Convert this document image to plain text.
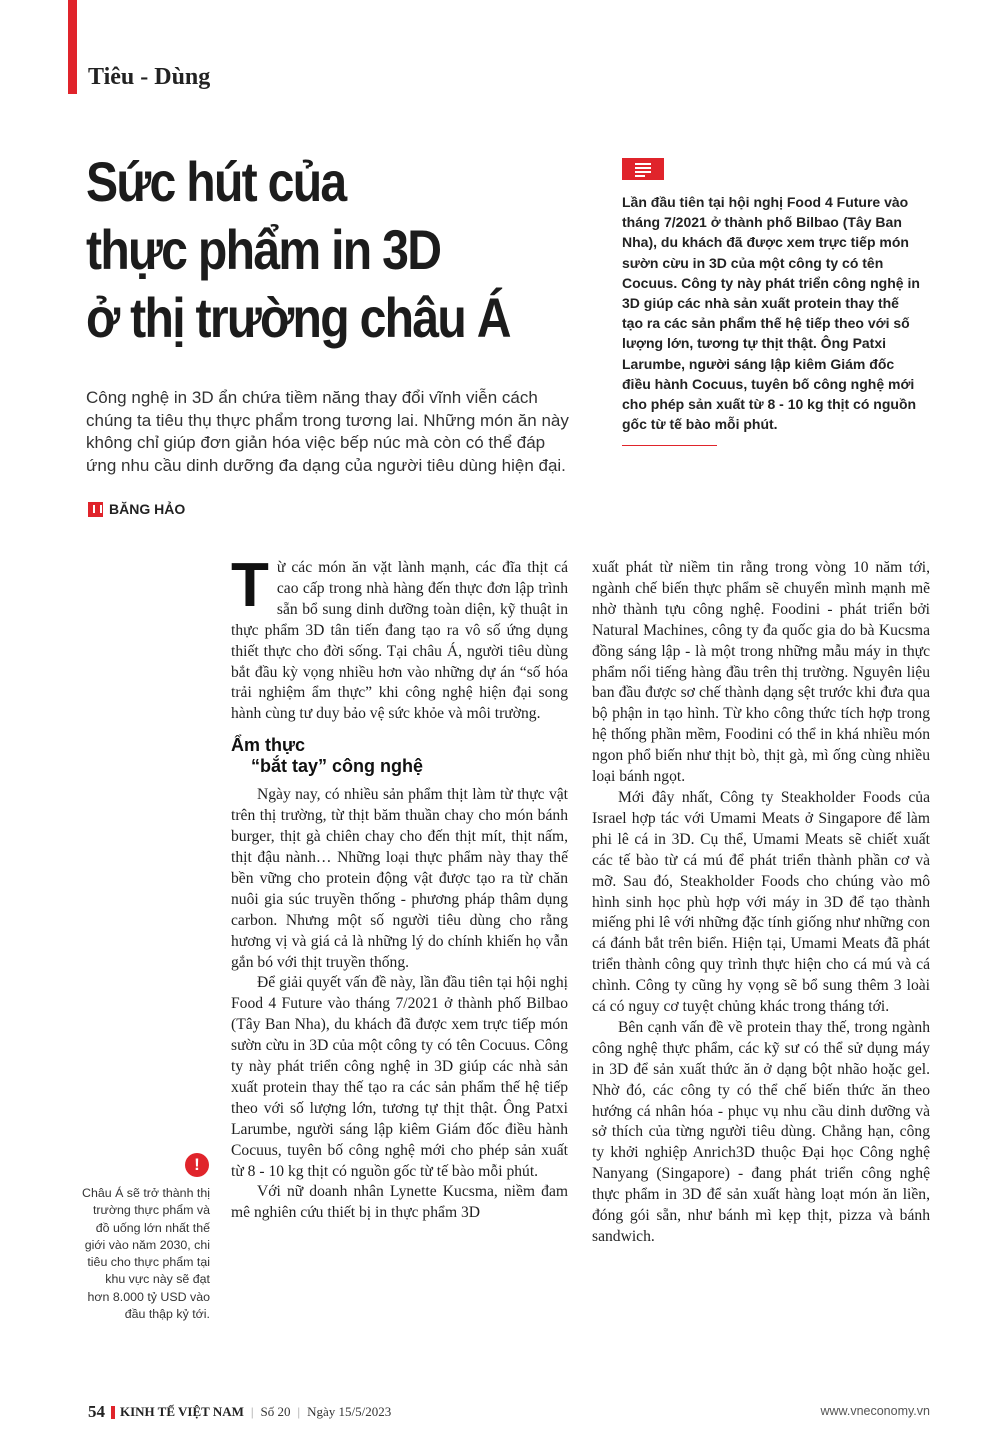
Tiêu - Dùng
Sức hút của
thực phẩm in 3D
ở thị trường châu Á

Công nghệ in 3D ẩn chứa tiềm năng thay đổi vĩnh viễn cách chúng ta tiêu thụ thực phẩm trong tương lai. Những món ăn này không chỉ giúp đơn giản hóa việc bếp núc mà còn có thể đáp ứng nhu cầu dinh dưỡng đa dạng của người tiêu dùng hiện đại.

BĂNG HẢO

Lần đầu tiên tại hội nghị Food 4 Future vào tháng 7/2021 ở thành phố Bilbao (Tây Ban Nha), du khách đã được xem trực tiếp món sườn cừu in 3D của một công ty có tên Cocuus. Công ty này phát triển công nghệ in 3D giúp các nhà sản xuất protein thay thế tạo ra các sản phẩm thế hệ tiếp theo với số lượng lớn, tương tự thịt thật. Ông Patxi Larumbe, người sáng lập kiêm Giám đốc điều hành Cocuus, tuyên bố công nghệ mới cho phép sản xuất từ 8 - 10 kg thịt có nguồn gốc từ tế bào mỗi phút.

Từ các món ăn vặt lành mạnh, các đĩa thịt cá cao cấp trong nhà hàng đến thực đơn lập trình sẵn bổ sung dinh dưỡng toàn diện, kỹ thuật in thực phẩm 3D tân tiến đang tạo ra vô số ứng dụng thiết thực cho đời sống. Tại châu Á, người tiêu dùng bắt đầu kỳ vọng nhiều hơn vào những dự án “số hóa trải nghiệm ẩm thực” khi công nghệ hiện đại song hành cùng tư duy bảo vệ sức khỏe và môi trường.

Ẩm thực
“bắt tay” công nghệ

Ngày nay, có nhiều sản phẩm thịt làm từ thực vật trên thị trường, từ thịt băm thuần chay cho món bánh burger, thịt gà chiên chay cho đến thịt mít, thịt nấm, thịt đậu nành… Những loại thực phẩm này thay thế bền vững cho protein động vật được tạo ra từ chăn nuôi gia súc truyền thống - phương pháp thâm dụng carbon. Nhưng một số người tiêu dùng cho rằng hương vị và giá cả là những lý do chính khiến họ vẫn gắn bó với thịt truyền thống.

Để giải quyết vấn đề này, lần đầu tiên tại hội nghị Food 4 Future vào tháng 7/2021 ở thành phố Bilbao (Tây Ban Nha), du khách đã được xem trực tiếp món sườn cừu in 3D của một công ty có tên Cocuus. Công ty này phát triển công nghệ in 3D giúp các nhà sản xuất protein thay thế tạo ra các sản phẩm thế hệ tiếp theo với số lượng lớn, tương tự thịt thật. Ông Patxi Larumbe, người sáng lập kiêm Giám đốc điều hành Cocuus, tuyên bố công nghệ mới cho phép sản xuất từ 8 - 10 kg thịt có nguồn gốc từ tế bào mỗi phút.

Với nữ doanh nhân Lynette Kucsma, niềm đam mê nghiên cứu thiết bị in thực phẩm 3D

xuất phát từ niềm tin rằng trong vòng 10 năm tới, ngành chế biến thực phẩm sẽ chuyển mình mạnh mẽ nhờ thành tựu công nghệ. Foodini - phát triển bởi Natural Machines, công ty đa quốc gia do bà Kucsma đồng sáng lập - là một trong những mẫu máy in thực phẩm nổi tiếng hàng đầu trên thị trường. Nguyên liệu ban đầu được sơ chế thành dạng sệt trước khi đưa qua bộ phận in tạo hình. Từ kho công thức tích hợp trong hệ thống phần mềm, Foodini có thể in khá nhiều món ngon phổ biến như thịt bò, thịt gà, mì ống cùng nhiều loại bánh ngọt.

Mới đây nhất, Công ty Steakholder Foods của Israel hợp tác với Umami Meats ở Singapore để làm phi lê cá in 3D. Cụ thể, Umami Meats sẽ chiết xuất các tế bào từ cá mú để phát triển thành phần cơ và mỡ. Sau đó, Steakholder Foods cho chúng vào mô hình sinh học phù hợp với máy in 3D để tạo thành miếng phi lê với những đặc tính giống như những con cá đánh bắt trên biển. Hiện tại, Umami Meats đã phát triển thành công quy trình thực hiện cho cá mú và cá chình. Công ty cũng hy vọng sẽ bổ sung thêm 3 loài cá có nguy cơ tuyệt chủng khác trong tháng tới.

Bên cạnh vấn đề về protein thay thế, trong ngành công nghệ thực phẩm, các kỹ sư có thể sử dụng máy in 3D để sản xuất thức ăn ở dạng bột nhão hoặc gel. Nhờ đó, các công ty có thể chế biến thức ăn theo hướng cá nhân hóa - phục vụ nhu cầu dinh dưỡng và sở thích của từng người tiêu dùng. Chẳng hạn, công ty khởi nghiệp Anrich3D thuộc Đại học Công nghệ Nanyang (Singapore) - đang phát triển công nghệ thực phẩm in 3D để sản xuất hàng loạt món ăn liền, đóng gói sẵn, như bánh mì kẹp thịt, pizza và bánh sandwich.

!

Châu Á sẽ trở thành thị trường thực phẩm và đồ uống lớn nhất thế giới vào năm 2030, chi tiêu cho thực phẩm tại khu vực này sẽ đạt hơn 8.000 tỷ USD vào đầu thập kỷ tới.

54 KINH TẾ VIỆT NAM | Số 20 | Ngày 15/5/2023	www.vneconomy.vn
